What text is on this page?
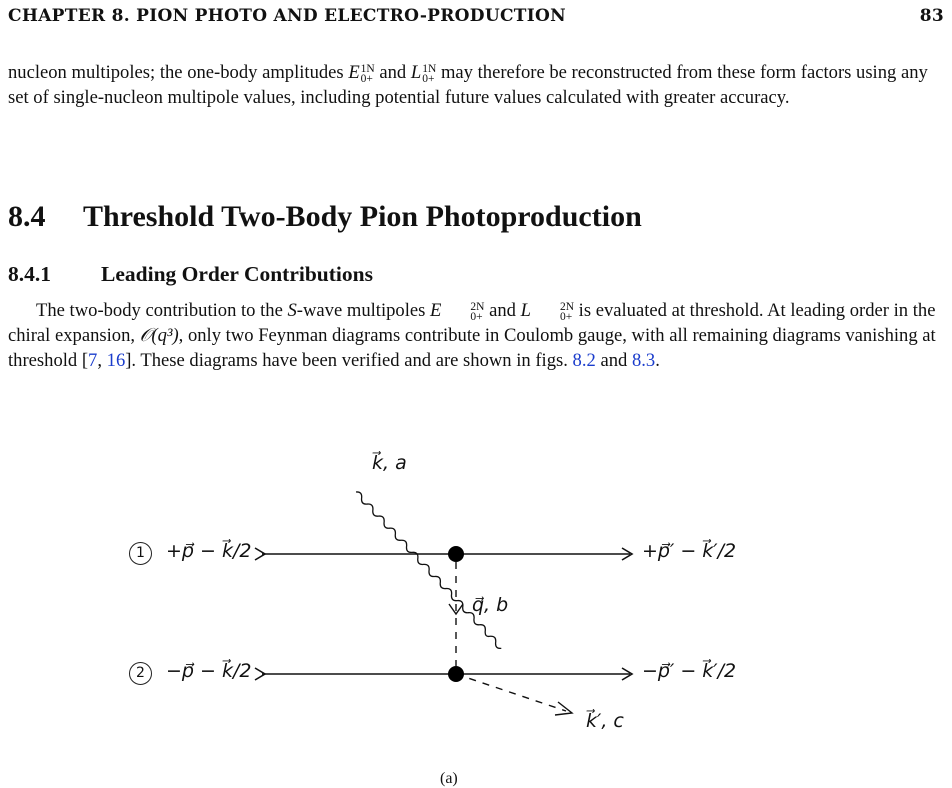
CHAPTER 8. PION PHOTO AND ELECTRO-PRODUCTION	83

nucleon multipoles; the one-body amplitudes E 1N
0+ and L 1N
0+ may therefore be reconstructed from these form factors using any set of single-nucleon multipole values, including potential future values calculated with greater accuracy.

8.4 Threshold Two-Body Pion Photoproduction
8.4.1 Leading Order Contributions

The two-body contribution to the S-wave multipoles E	2N
0+ and L	2N
0+ is evaluated at threshold. At leading order in the chiral expansion, 𝒪(q³), only two Feynman diagrams contribute in Coulomb gauge, with all remaining diagrams vanishing at threshold [7, 16]. These diagrams have been verified and are shown in figs. 8.2 and 8.3.

k⃗, a
1	+p⃗ − k⃗/2	+p⃗′ − k⃗′/2
q⃗, b
2	−p⃗ − k⃗/2	−p⃗′ − k⃗′/2
k⃗′, c
(a)
